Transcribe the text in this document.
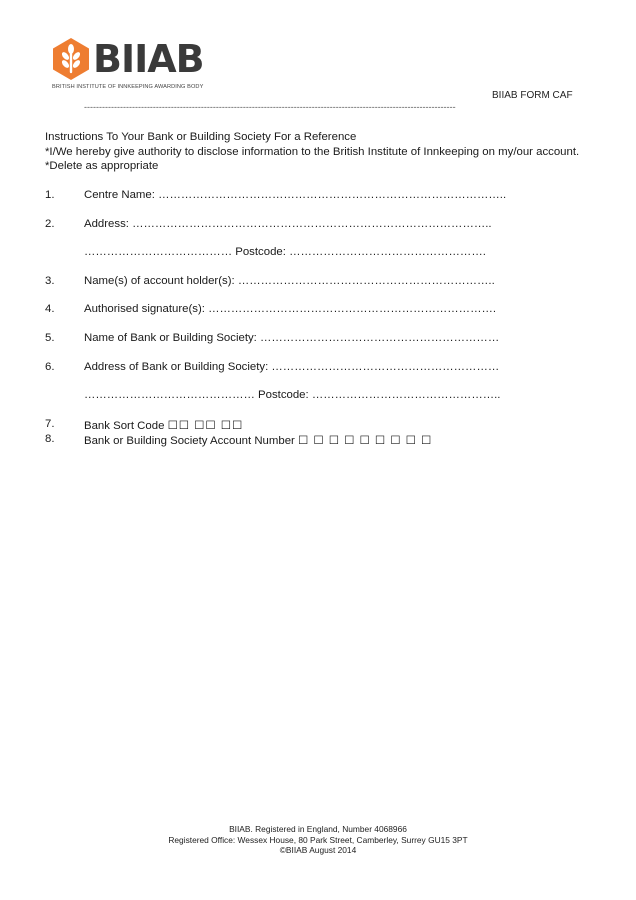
BIIAB
BRITISH INSTITUTE OF INNKEEPING AWARDING BODY
BIIAB FORM CAF
----------------------------------------------------------------------------------------------------------------------------
Instructions To Your Bank or Building Society For a Reference
*I/We hereby give authority to disclose information to the British Institute of Innkeeping on my/our account.
*Delete as appropriate
1.	Centre Name: ………………………………………………………………………………..
2.	Address: …………………………………………………………………………………..
………………………………… Postcode: …………………………………………….
3.	Name(s) of account holder(s): …………………………………………………………..
4.	Authorised signature(s): ………………………………………………………………….
5.	Name of Bank or Building Society: ………………………………………………………
6.	Address of Bank or Building Society: ……………………………………………………
……………………………………… Postcode: …………………………………………..
7.	Bank Sort Code ☐☐ ☐☐ ☐☐
8.	Bank or Building Society Account Number ☐ ☐ ☐ ☐ ☐ ☐ ☐ ☐ ☐
BIIAB. Registered in England, Number 4068966
Registered Office: Wessex House, 80 Park Street, Camberley, Surrey GU15 3PT
©BIIAB August 2014
